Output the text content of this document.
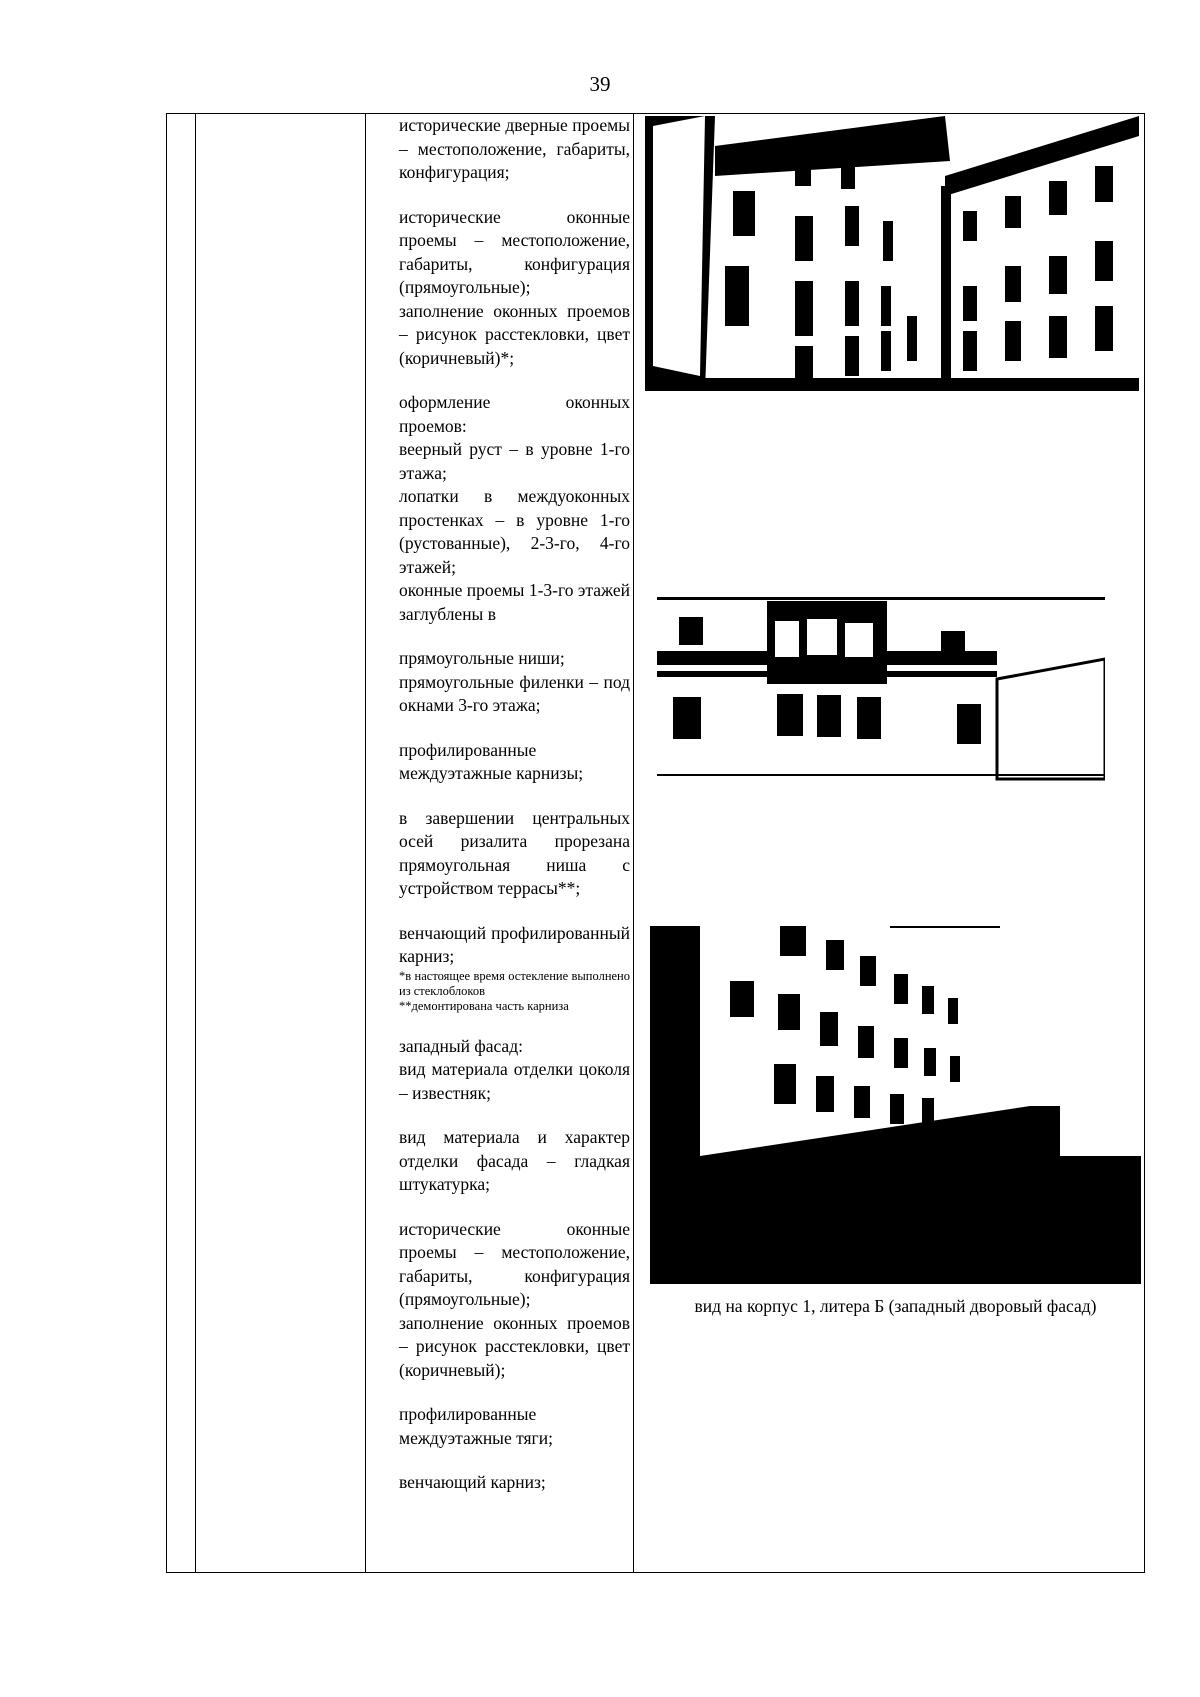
39

исторические дверные проемы – местоположение, габариты, конфигурация;

исторические оконные проемы – местоположение, габариты, конфигурация (прямоугольные);

заполнение оконных проемов – рисунок расстекловки, цвет (коричневый)*;

оформление оконных проемов:

веерный руст – в уровне 1-го этажа;

лопатки в междуоконных простенках – в уровне 1-го (рустованные), 2-3-го, 4-го этажей;

оконные проемы 1-3-го этажей заглублены в

прямоугольные ниши;

прямоугольные филенки – под окнами 3-го этажа;

профилированные междуэтажные карнизы;

в завершении центральных осей ризалита прорезана прямоугольная ниша с устройством террасы**;

венчающий профилированный карниз;

*в настоящее время остекление выполнено из стеклоблоков

**демонтирована часть карниза

западный фасад:

вид материала отделки цоколя – известняк;

вид материала и характер отделки фасада – гладкая штукатурка;

исторические оконные проемы – местоположение, габариты, конфигурация (прямоугольные);

заполнение оконных проемов – рисунок расстекловки, цвет (коричневый);

профилированные междуэтажные тяги;

венчающий карниз;

вид на корпус 1, литера Б (западный дворовый фасад)
